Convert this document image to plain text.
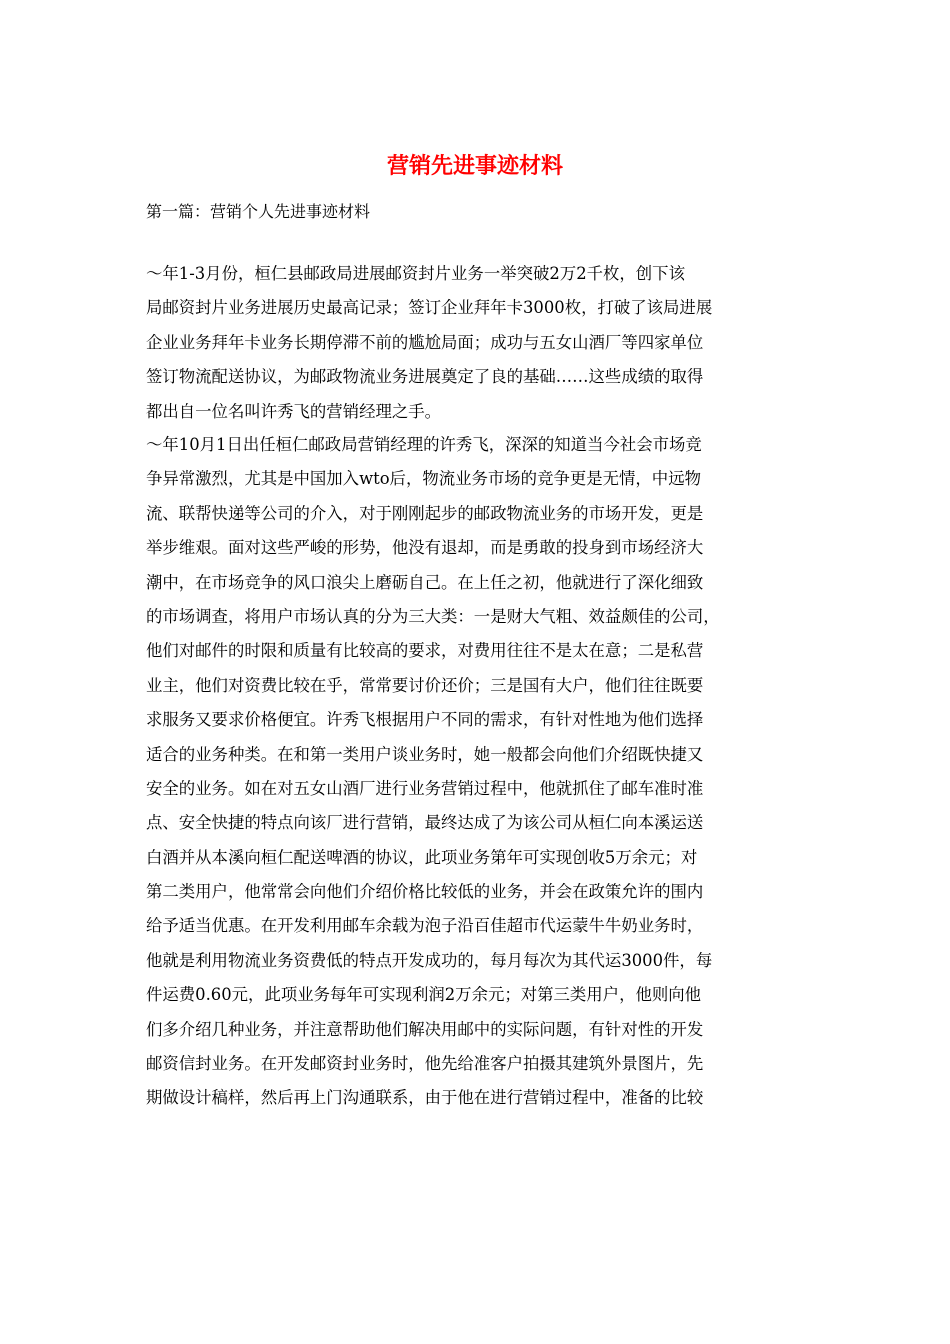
营销先进事迹材料
第一篇：营销个人先进事迹材料
～年1-3月份，桓仁县邮政局进展邮资封片业务一举突破2万2千枚，创下该
局邮资封片业务进展历史最高记录；签订企业拜年卡3000枚，打破了该局进展
企业业务拜年卡业务长期停滞不前的尴尬局面；成功与五女山酒厂等四家单位
签订物流配送协议，为邮政物流业务进展奠定了良的基础……这些成绩的取得
都出自一位名叫许秀飞的营销经理之手。
～年10月1日出任桓仁邮政局营销经理的许秀飞，深深的知道当今社会市场竞
争异常激烈，尤其是中国加入wto后，物流业务市场的竞争更是无情，中远物
流、联帮快递等公司的介入，对于刚刚起步的邮政物流业务的市场开发，更是
举步维艰。面对这些严峻的形势，他没有退却，而是勇敢的投身到市场经济大
潮中，在市场竞争的风口浪尖上磨砺自己。在上任之初，他就进行了深化细致
的市场调查，将用户市场认真的分为三大类：一是财大气粗、效益颇佳的公司，
他们对邮件的时限和质量有比较高的要求，对费用往往不是太在意；二是私营
业主，他们对资费比较在乎，常常要讨价还价；三是国有大户，他们往往既要
求服务又要求价格便宜。许秀飞根据用户不同的需求，有针对性地为他们选择
适合的业务种类。在和第一类用户谈业务时，她一般都会向他们介绍既快捷又
安全的业务。如在对五女山酒厂进行业务营销过程中，他就抓住了邮车准时准
点、安全快捷的特点向该厂进行营销，最终达成了为该公司从桓仁向本溪运送
白酒并从本溪向桓仁配送啤酒的协议，此项业务第年可实现创收5万余元；对
第二类用户，他常常会向他们介绍价格比较低的业务，并会在政策允许的围内
给予适当优惠。在开发利用邮车余载为泡子沿百佳超市代运蒙牛牛奶业务时，
他就是利用物流业务资费低的特点开发成功的，每月每次为其代运3000件，每
件运费0.60元，此项业务每年可实现利润2万余元；对第三类用户，他则向他
们多介绍几种业务，并注意帮助他们解决用邮中的实际问题，有针对性的开发
邮资信封业务。在开发邮资封业务时，他先给准客户拍摄其建筑外景图片，先
期做设计稿样，然后再上门沟通联系，由于他在进行营销过程中，准备的比较
